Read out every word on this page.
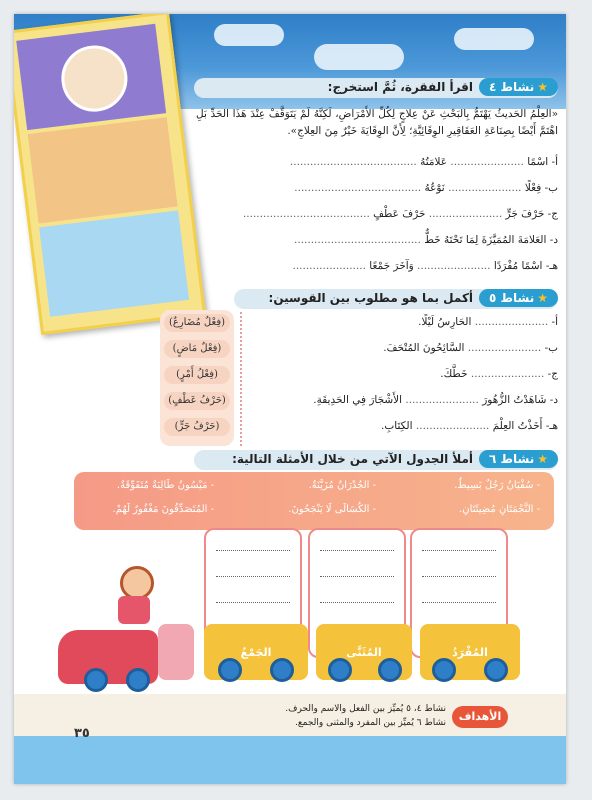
★
نشاط ٤
اقرأ الفقرة، ثُمَّ استخرج:
«العِلْمُ الحَديثُ يَهْتَمُّ بِالبَحْثِ عَنْ عِلاجٍ لِكُلِّ الأَمْرَاضِ، لَكِنَّهُ لَمْ يَتَوَقَّفْ عِنْدَ هَذَا الحَدِّ بَلِ اهْتَمَّ أَيْضًا بِصِنَاعَةِ العَقَاقِيرِ الوِقَائِيَّةِ؛ لِأَنَّ الوِقَايَةَ خَيْرٌ مِنَ العِلاجِ».
أ- اسْمًا ...................... عَلامَتُهُ ......................................
ب- فِعْلًا ...................... نَوْعُهُ ......................................
ج- حَرْفَ جَرٍّ ...................... حَرْفَ عَطْفٍ ......................................
د- العَلامَةَ المُمَيَّزَةَ لِمَا تَحْتَهُ خَطٌّ ......................................
هـ- اسْمًا مُفْرَدًا ...................... وَآخَرَ جَمْعًا ......................
★
نشاط ٥
أكمل بما هو مطلوب بين القوسين:
أ- ...................... الحَارِسُ لَيْلًا.
(فِعْلٌ مُضَارِعٌ)
ب- ...................... السَّائِحُونَ المُتْحَفَ.
(فِعْلٌ مَاضٍ)
ج- ...................... خَطَّكَ.
(فِعْلُ أَمْرٍ)
د- شَاهَدْتُ الزُّهُورَ ...................... الأَشْجَارَ فِي الحَدِيقَةِ.
(حَرْفُ عَطْفٍ)
هـ- أَخَذْتُ العِلْمَ ...................... الكِتَابِ.
(حَرْفُ جَرٍّ)
★
نشاط ٦
أملأ الجدول الآتي من خلال الأمثلة التالية:
- سُفْيَانُ رَجُلٌ بَسِيطٌ.
- الجُدْرَانُ مُزَيَّنَةٌ.
- مَيْسُونُ طَالِبَةٌ مُتَفَوِّقَةٌ.
- النَّجْمَتَانِ مُضِيئَتَانِ.
- الكُسَالَى لَا يَنْجَحُونَ.
- المُتَصَدِّقُونَ مَغْفُورٌ لَهُمْ.
الجَمْعُ	المُثَنَّى	المُفْرَدُ
الأهداف
نشاط ٤، ٥ يُميِّز بين الفعل والاسم والحرف.
نشاط ٦ يُميِّز بين المفرد والمثنى والجمع.
٣٥
